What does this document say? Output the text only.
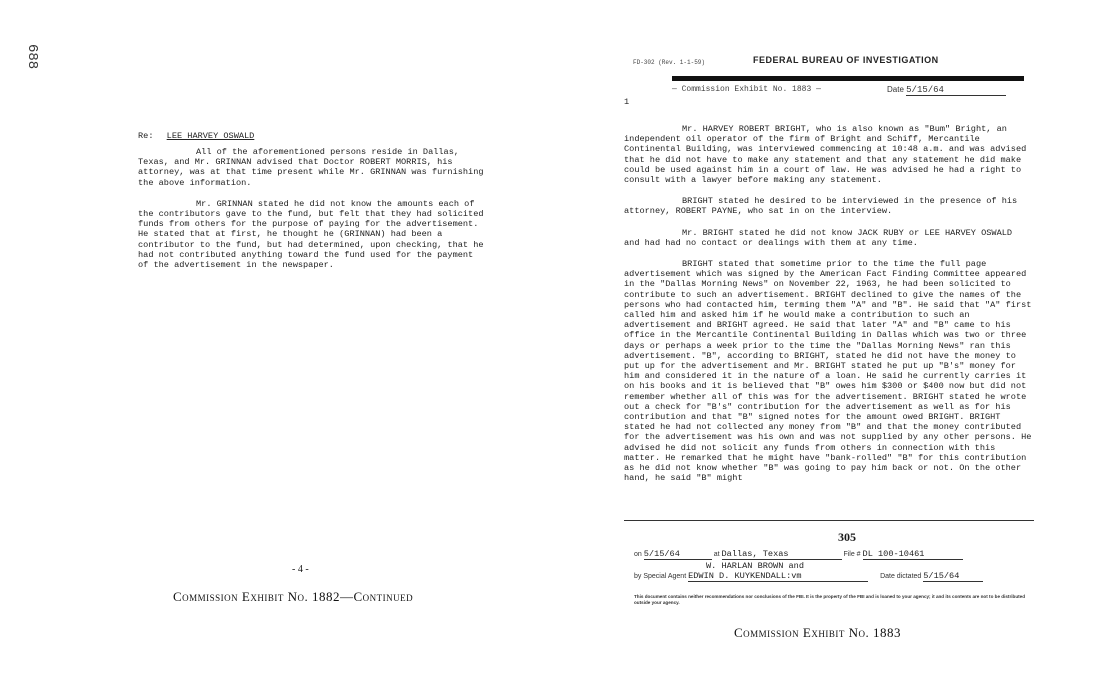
688
Re: LEE HARVEY OSWALD

All of the aforementioned persons reside in Dallas, Texas, and Mr. GRINNAN advised that Doctor ROBERT MORRIS, his attorney, was at that time present while Mr. GRINNAN was furnishing the above information.

Mr. GRINNAN stated he did not know the amounts each of the contributors gave to the fund, but felt that they had solicited funds from others for the purpose of paying for the advertisement. He stated that at first, he thought he (GRINNAN) had been a contributor to the fund, but had determined, upon checking, that he had not contributed anything toward the fund used for the payment of the advertisement in the newspaper.

- 4 -
Commission Exhibit No. 1882—Continued
FD-302 (Rev. 1-1-59)	FEDERAL BUREAU OF INVESTIGATION
— Commission Exhibit No. 1883 —	Date 5/15/64
1

Mr. HARVEY ROBERT BRIGHT, who is also known as "Bum" Bright, an independent oil operator of the firm of Bright and Schiff, Mercantile Continental Building, was interviewed commencing at 10:48 a.m. and was advised that he did not have to make any statement and that any statement he did make could be used against him in a court of law. He was advised he had a right to consult with a lawyer before making any statement.

BRIGHT stated he desired to be interviewed in the presence of his attorney, ROBERT PAYNE, who sat in on the interview.

Mr. BRIGHT stated he did not know JACK RUBY or LEE HARVEY OSWALD and had had no contact or dealings with them at any time.

BRIGHT stated that sometime prior to the time the full page advertisement which was signed by the American Fact Finding Committee appeared in the "Dallas Morning News" on November 22, 1963, he had been solicited to contribute to such an advertisement. BRIGHT declined to give the names of the persons who had contacted him, terming them "A" and "B". He said that "A" first called him and asked him if he would make a contribution to such an advertisement and BRIGHT agreed. He said that later "A" and "B" came to his office in the Mercantile Continental Building in Dallas which was two or three days or perhaps a week prior to the time the "Dallas Morning News" ran this advertisement. "B", according to BRIGHT, stated he did not have the money to put up for the advertisement and Mr. BRIGHT stated he put up "B's" money for him and considered it in the nature of a loan. He said he currently carries it on his books and it is believed that "B" owes him $300 or $400 now but did not remember whether all of this was for the advertisement. BRIGHT stated he wrote out a check for "B's" contribution for the advertisement as well as for his contribution and that "B" signed notes for the amount owed BRIGHT. BRIGHT stated he had not collected any money from "B" and that the money contributed for the advertisement was his own and was not supplied by any other persons. He advised he did not solicit any funds from others in connection with this matter. He remarked that he might have "bank-rolled" "B" for this contribution as he did not know whether "B" was going to pay him back or not. On the other hand, he said "B" might

305
on 5/15/64	at Dallas, Texas	File # DL 100-10461
W. HARLAN BROWN and
by Special Agent EDWIN D. KUYKENDALL:vm	Date dictated 5/15/64
This document contains neither recommendations nor conclusions of the FBI. It is the property of the FBI and is loaned to your agency; it and its contents are not to be distributed outside your agency.
Commission Exhibit No. 1883
